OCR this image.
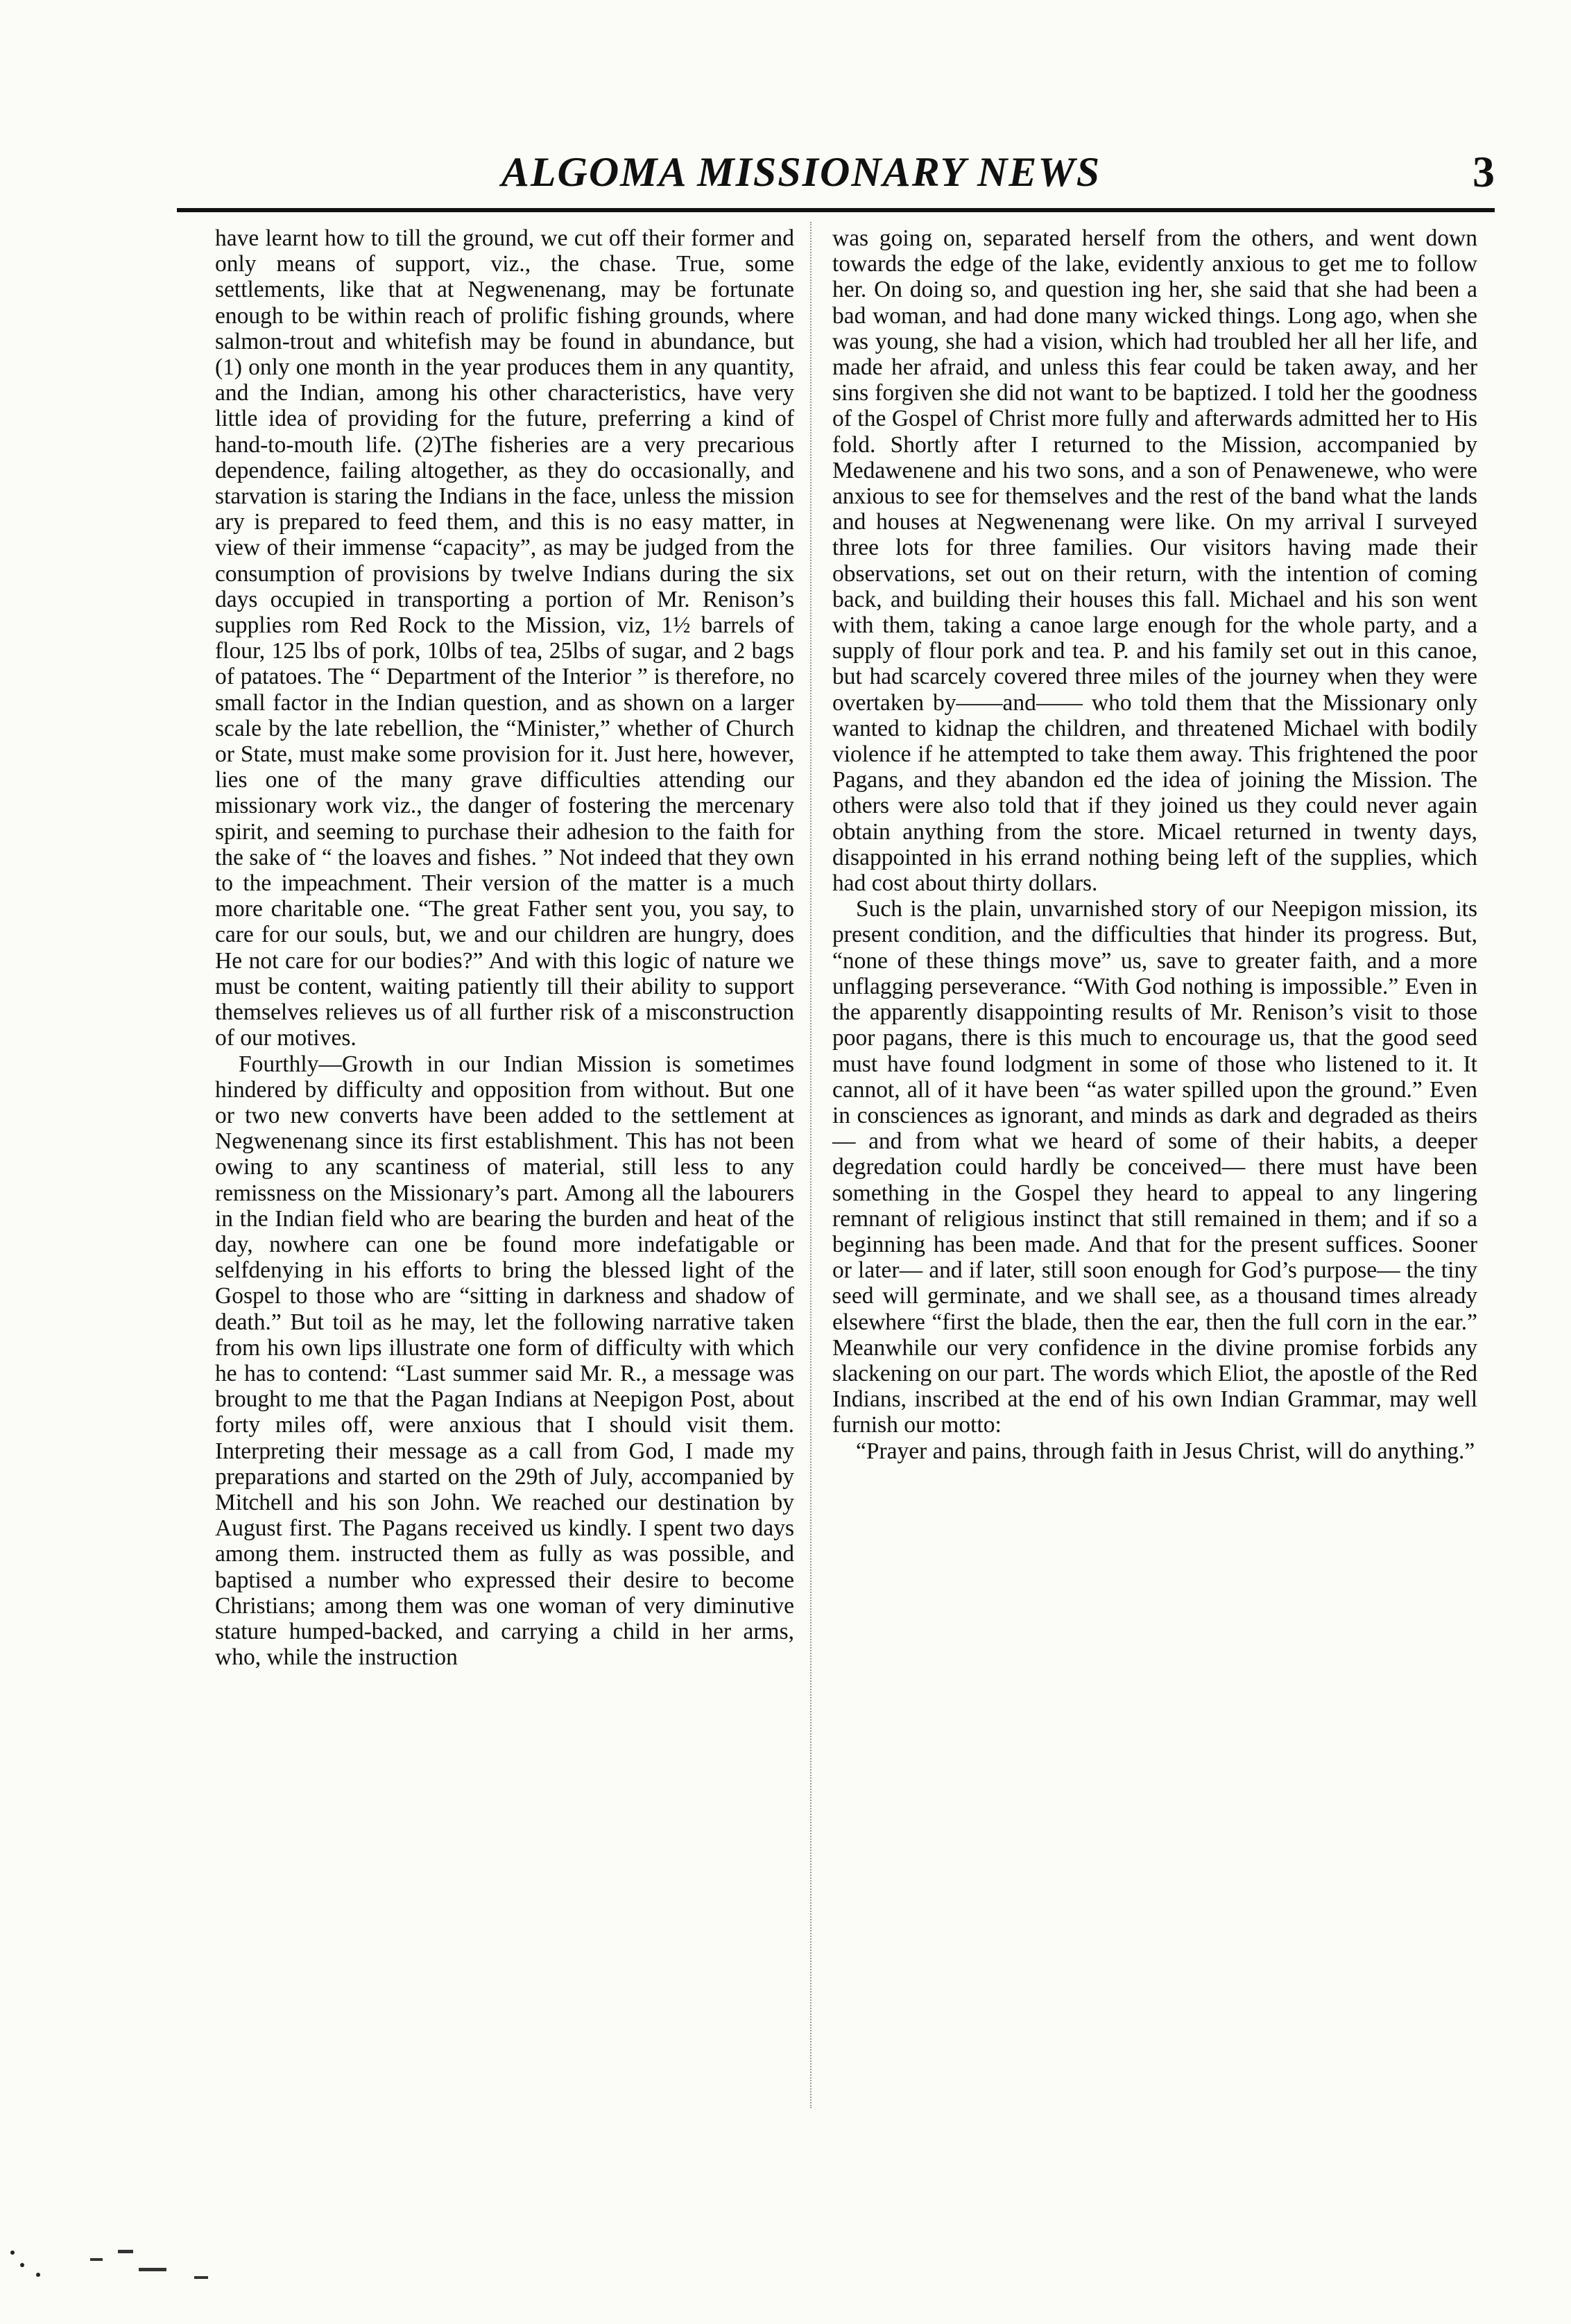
ALGOMA MISSIONARY NEWS	3

have learnt how to till the ground, we cut off their former and only means of support, viz., the chase. True, some settlements, like that at Negwenenang, may be fortunate enough to be within reach of prolific fishing grounds, where salmon-trout and whitefish may be found in abundance, but (1) only one month in the year produces them in any quantity, and the Indian, among his other characteristics, have very little idea of providing for the future, preferring a kind of hand-to-mouth life. (2)The fisheries are a very precarious dependence, failing altogether, as they do occasionally, and starvation is staring the Indians in the face, unless the mission ary is prepared to feed them, and this is no easy matter, in view of their immense “capacity”, as may be judged from the consumption of provisions by twelve Indians during the six days occupied in transporting a portion of Mr. Renison’s supplies rom Red Rock to the Mission, viz, 1½ barrels of flour, 125 lbs of pork, 10lbs of tea, 25lbs of sugar, and 2 bags of patatoes. The “ Department of the Interior ” is therefore, no small factor in the Indian question, and as shown on a larger scale by the late rebellion, the “Minister,” whether of Church or State, must make some provision for it. Just here, however, lies one of the many grave difficulties attending our missionary work viz., the danger of fostering the mercenary spirit, and seeming to purchase their adhesion to the faith for the sake of “ the loaves and fishes. ” Not indeed that they own to the impeachment. Their version of the matter is a much more charitable one. “The great Father sent you, you say, to care for our souls, but, we and our children are hungry, does He not care for our bodies?” And with this logic of nature we must be content, waiting patiently till their ability to support themselves relieves us of all further risk of a misconstruction of our motives.

Fourthly—Growth in our Indian Mission is sometimes hindered by difficulty and opposition from without. But one or two new converts have been added to the settlement at Negwenenang since its first establishment. This has not been owing to any scantiness of material, still less to any remissness on the Missionary’s part. Among all the labourers in the Indian field who are bearing the burden and heat of the day, nowhere can one be found more indefatigable or selfdenying in his efforts to bring the blessed light of the Gospel to those who are “sitting in darkness and shadow of death.” But toil as he may, let the following narrative taken from his own lips illustrate one form of difficulty with which he has to contend: “Last summer said Mr. R., a message was brought to me that the Pagan Indians at Neepigon Post, about forty miles off, were anxious that I should visit them. Interpreting their message as a call from God, I made my preparations and started on the 29th of July, accompanied by Mitchell and his son John. We reached our destination by August first. The Pagans received us kindly. I spent two days among them. instructed them as fully as was possible, and baptised a number who expressed their desire to become Christians; among them was one woman of very diminutive stature humped-backed, and carrying a child in her arms, who, while the instruction

was going on, separated herself from the others, and went down towards the edge of the lake, evidently anxious to get me to follow her. On doing so, and question ing her, she said that she had been a bad woman, and had done many wicked things. Long ago, when she was young, she had a vision, which had troubled her all her life, and made her afraid, and unless this fear could be taken away, and her sins forgiven she did not want to be baptized. I told her the goodness of the Gospel of Christ more fully and afterwards admitted her to His fold. Shortly after I returned to the Mission, accompanied by Medawenene and his two sons, and a son of Penawenewe, who were anxious to see for themselves and the rest of the band what the lands and houses at Negwenenang were like. On my arrival I surveyed three lots for three families. Our visitors having made their observations, set out on their return, with the intention of coming back, and building their houses this fall. Michael and his son went with them, taking a canoe large enough for the whole party, and a supply of flour pork and tea. P. and his family set out in this canoe, but had scarcely covered three miles of the journey when they were overtaken by——and—— who told them that the Missionary only wanted to kidnap the children, and threatened Michael with bodily violence if he attempted to take them away. This frightened the poor Pagans, and they abandon ed the idea of joining the Mission. The others were also told that if they joined us they could never again obtain anything from the store. Micael returned in twenty days, disappointed in his errand nothing being left of the supplies, which had cost about thirty dollars.

Such is the plain, unvarnished story of our Neepigon mission, its present condition, and the difficulties that hinder its progress. But, “none of these things move” us, save to greater faith, and a more unflagging perseverance. “With God nothing is impossible.” Even in the apparently disappointing results of Mr. Renison’s visit to those poor pagans, there is this much to encourage us, that the good seed must have found lodgment in some of those who listened to it. It cannot, all of it have been “as water spilled upon the ground.” Even in consciences as ignorant, and minds as dark and degraded as theirs— and from what we heard of some of their habits, a deeper degredation could hardly be conceived— there must have been something in the Gospel they heard to appeal to any lingering remnant of religious instinct that still remained in them; and if so a beginning has been made. And that for the present suffices. Sooner or later— and if later, still soon enough for God’s purpose— the tiny seed will germinate, and we shall see, as a thousand times already elsewhere “first the blade, then the ear, then the full corn in the ear.” Meanwhile our very confidence in the divine promise forbids any slackening on our part. The words which Eliot, the apostle of the Red Indians, inscribed at the end of his own Indian Grammar, may well furnish our motto:

“Prayer and pains, through faith in Jesus Christ, will do anything.”
